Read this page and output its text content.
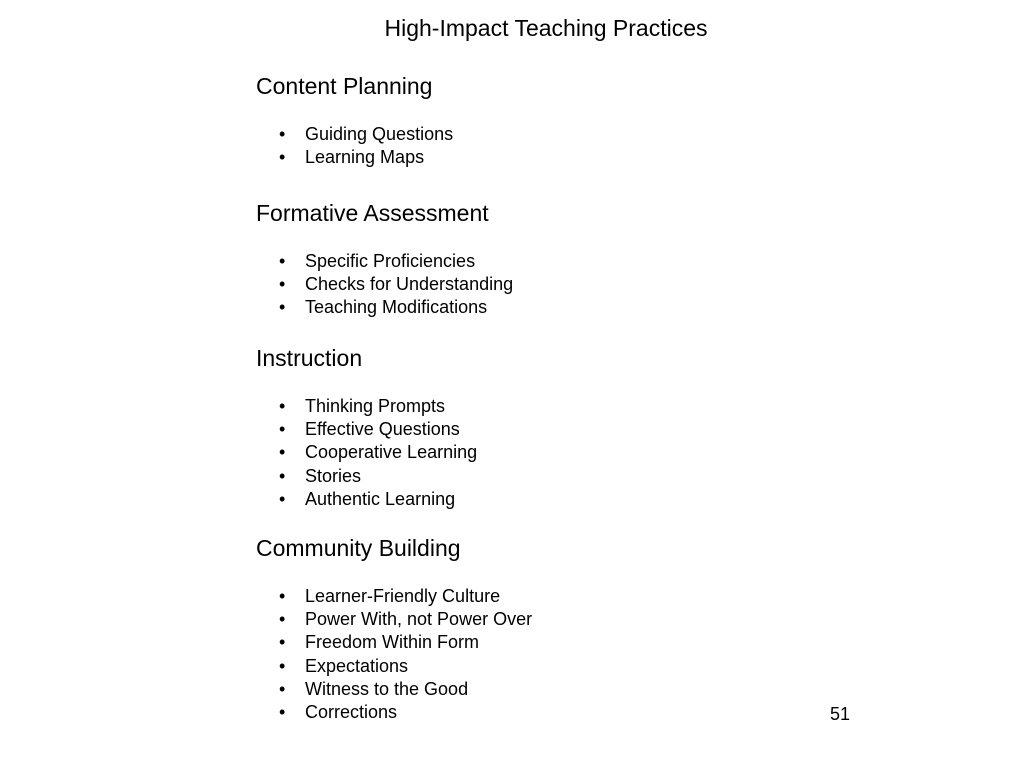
High-Impact Teaching Practices
Content Planning
• Guiding Questions
• Learning Maps
Formative Assessment
• Specific Proficiencies
• Checks for Understanding
• Teaching Modifications
Instruction
• Thinking Prompts
• Effective Questions
• Cooperative Learning
• Stories
• Authentic Learning
Community Building
• Learner-Friendly Culture
• Power With, not Power Over
• Freedom Within Form
• Expectations
• Witness to the Good
• Corrections	51
